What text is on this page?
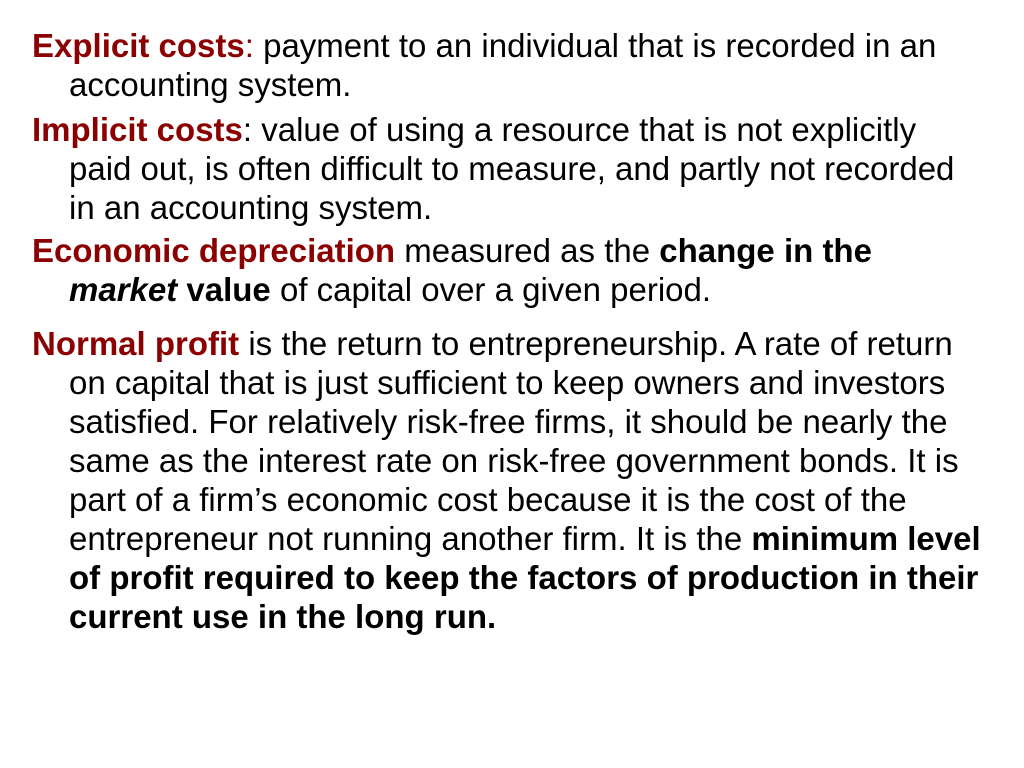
Explicit costs: payment to an individual that is recorded in an accounting system.

Implicit costs: value of using a resource that is not explicitly paid out, is often difficult to measure, and partly not recorded in an accounting system.

Economic depreciation measured as the change in the market value of capital over a given period.

Normal profit is the return to entrepreneurship. A rate of return on capital that is just sufficient to keep owners and investors satisfied. For relatively risk-free firms, it should be nearly the same as the interest rate on risk-free government bonds. It is part of a firm’s economic cost because it is the cost of the entrepreneur not running another firm. It is the minimum level of profit required to keep the factors of production in their current use in the long run.
